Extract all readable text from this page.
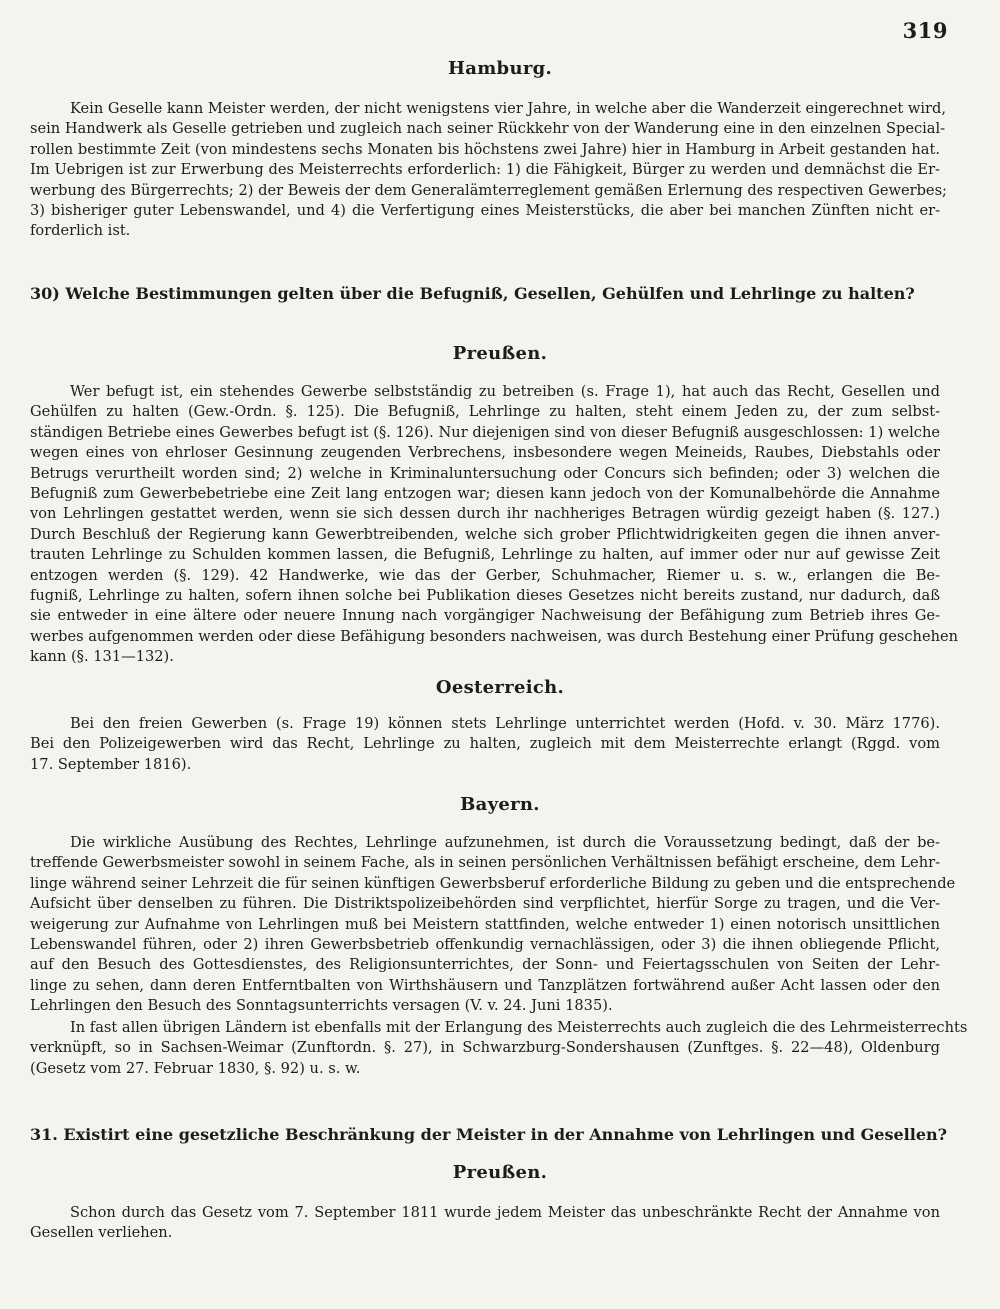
319
Hamburg.
Kein Geselle kann Meister werden, der nicht wenigstens vier Jahre, in welche aber die Wanderzeit eingerechnet wird,
sein Handwerk als Geselle getrieben und zugleich nach seiner Rückkehr von der Wanderung eine in den einzelnen Special-
rollen bestimmte Zeit (von mindestens sechs Monaten bis höchstens zwei Jahre) hier in Hamburg in Arbeit gestanden hat.
Im Uebrigen ist zur Erwerbung des Meisterrechts erforderlich: 1) die Fähigkeit, Bürger zu werden und demnächst die Er-
werbung des Bürgerrechts; 2) der Beweis der dem Generalämterreglement gemäßen Erlernung des respectiven Gewerbes;
3) bisheriger guter Lebenswandel, und 4) die Verfertigung eines Meisterstücks, die aber bei manchen Zünften nicht er-
forderlich ist.
30) Welche Bestimmungen gelten über die Befugniß, Gesellen, Gehülfen und Lehrlinge zu halten?
Preußen.
Wer befugt ist, ein stehendes Gewerbe selbstständig zu betreiben (s. Frage 1), hat auch das Recht, Gesellen und
Gehülfen zu halten (Gew.-Ordn. §. 125). Die Befugniß, Lehrlinge zu halten, steht einem Jeden zu, der zum selbst-
ständigen Betriebe eines Gewerbes befugt ist (§. 126). Nur diejenigen sind von dieser Befugniß ausgeschlossen: 1) welche
wegen eines von ehrloser Gesinnung zeugenden Verbrechens, insbesondere wegen Meineids, Raubes, Diebstahls oder
Betrugs verurtheilt worden sind; 2) welche in Kriminaluntersuchung oder Concurs sich befinden; oder 3) welchen die
Befugniß zum Gewerbebetriebe eine Zeit lang entzogen war; diesen kann jedoch von der Komunalbehörde die Annahme
von Lehrlingen gestattet werden, wenn sie sich dessen durch ihr nachheriges Betragen würdig gezeigt haben (§. 127.)
Durch Beschluß der Regierung kann Gewerbtreibenden, welche sich grober Pflichtwidrigkeiten gegen die ihnen anver-
trauten Lehrlinge zu Schulden kommen lassen, die Befugniß, Lehrlinge zu halten, auf immer oder nur auf gewisse Zeit
entzogen werden (§. 129). 42 Handwerke, wie das der Gerber, Schuhmacher, Riemer u. s. w., erlangen die Be-
fugniß, Lehrlinge zu halten, sofern ihnen solche bei Publikation dieses Gesetzes nicht bereits zustand, nur dadurch, daß
sie entweder in eine ältere oder neuere Innung nach vorgängiger Nachweisung der Befähigung zum Betrieb ihres Ge-
werbes aufgenommen werden oder diese Befähigung besonders nachweisen, was durch Bestehung einer Prüfung geschehen
kann (§. 131—132).
Oesterreich.
Bei den freien Gewerben (s. Frage 19) können stets Lehrlinge unterrichtet werden (Hofd. v. 30. März 1776).
Bei den Polizeigewerben wird das Recht, Lehrlinge zu halten, zugleich mit dem Meisterrechte erlangt (Rggd. vom
17. September 1816).
Bayern.
Die wirkliche Ausübung des Rechtes, Lehrlinge aufzunehmen, ist durch die Voraussetzung bedingt, daß der be-
treffende Gewerbsmeister sowohl in seinem Fache, als in seinen persönlichen Verhältnissen befähigt erscheine, dem Lehr-
linge während seiner Lehrzeit die für seinen künftigen Gewerbsberuf erforderliche Bildung zu geben und die entsprechende
Aufsicht über denselben zu führen. Die Distriktspolizeibehörden sind verpflichtet, hierfür Sorge zu tragen, und die Ver-
weigerung zur Aufnahme von Lehrlingen muß bei Meistern stattfinden, welche entweder 1) einen notorisch unsittlichen
Lebenswandel führen, oder 2) ihren Gewerbsbetrieb offenkundig vernachlässigen, oder 3) die ihnen obliegende Pflicht,
auf den Besuch des Gottesdienstes, des Religionsunterrichtes, der Sonn- und Feiertagsschulen von Seiten der Lehr-
linge zu sehen, dann deren Entferntbalten von Wirthshäusern und Tanzplätzen fortwährend außer Acht lassen oder den
Lehrlingen den Besuch des Sonntagsunterrichts versagen (V. v. 24. Juni 1835).
In fast allen übrigen Ländern ist ebenfalls mit der Erlangung des Meisterrechts auch zugleich die des Lehrmeisterrechts
verknüpft, so in Sachsen-Weimar (Zunftordn. §. 27), in Schwarzburg-Sondershausen (Zunftges. §. 22—48), Oldenburg
(Gesetz vom 27. Februar 1830, §. 92) u. s. w.
31. Existirt eine gesetzliche Beschränkung der Meister in der Annahme von Lehrlingen und Gesellen?
Preußen.
Schon durch das Gesetz vom 7. September 1811 wurde jedem Meister das unbeschränkte Recht der Annahme von
Gesellen verliehen.
